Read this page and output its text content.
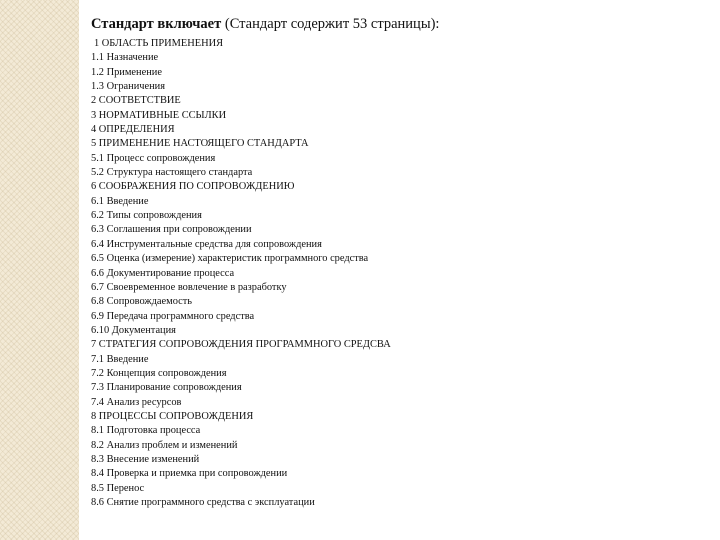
Стандарт включает (Стандарт содержит 53 страницы):
1 ОБЛАСТЬ ПРИМЕНЕНИЯ
1.1 Назначение
1.2 Применение
1.3 Ограничения
2 СООТВЕТСТВИЕ
3 НОРМАТИВНЫЕ ССЫЛКИ
4 ОПРЕДЕЛЕНИЯ
5 ПРИМЕНЕНИЕ НАСТОЯЩЕГО СТАНДАРТА
5.1 Процесс сопровождения
5.2 Структура настоящего стандарта
6 СООБРАЖЕНИЯ ПО СОПРОВОЖДЕНИЮ
6.1 Введение
6.2 Типы сопровождения
6.3 Соглашения при сопровождении
6.4 Инструментальные средства для сопровождения
6.5 Оценка (измерение) характеристик программного средства
6.6 Документирование процесса
6.7 Своевременное вовлечение в разработку
6.8 Сопровождаемость
6.9 Передача программного средства
6.10 Документация
7 СТРАТЕГИЯ СОПРОВОЖДЕНИЯ ПРОГРАММНОГО СРЕДСВА
7.1 Введение
7.2 Концепция сопровождения
7.3 Планирование сопровождения
7.4 Анализ ресурсов
8 ПРОЦЕССЫ СОПРОВОЖДЕНИЯ
8.1 Подготовка процесса
8.2 Анализ проблем и изменений
8.3 Внесение изменений
8.4 Проверка и приемка при сопровождении
8.5 Перенос
8.6 Снятие программного средства с эксплуатации
